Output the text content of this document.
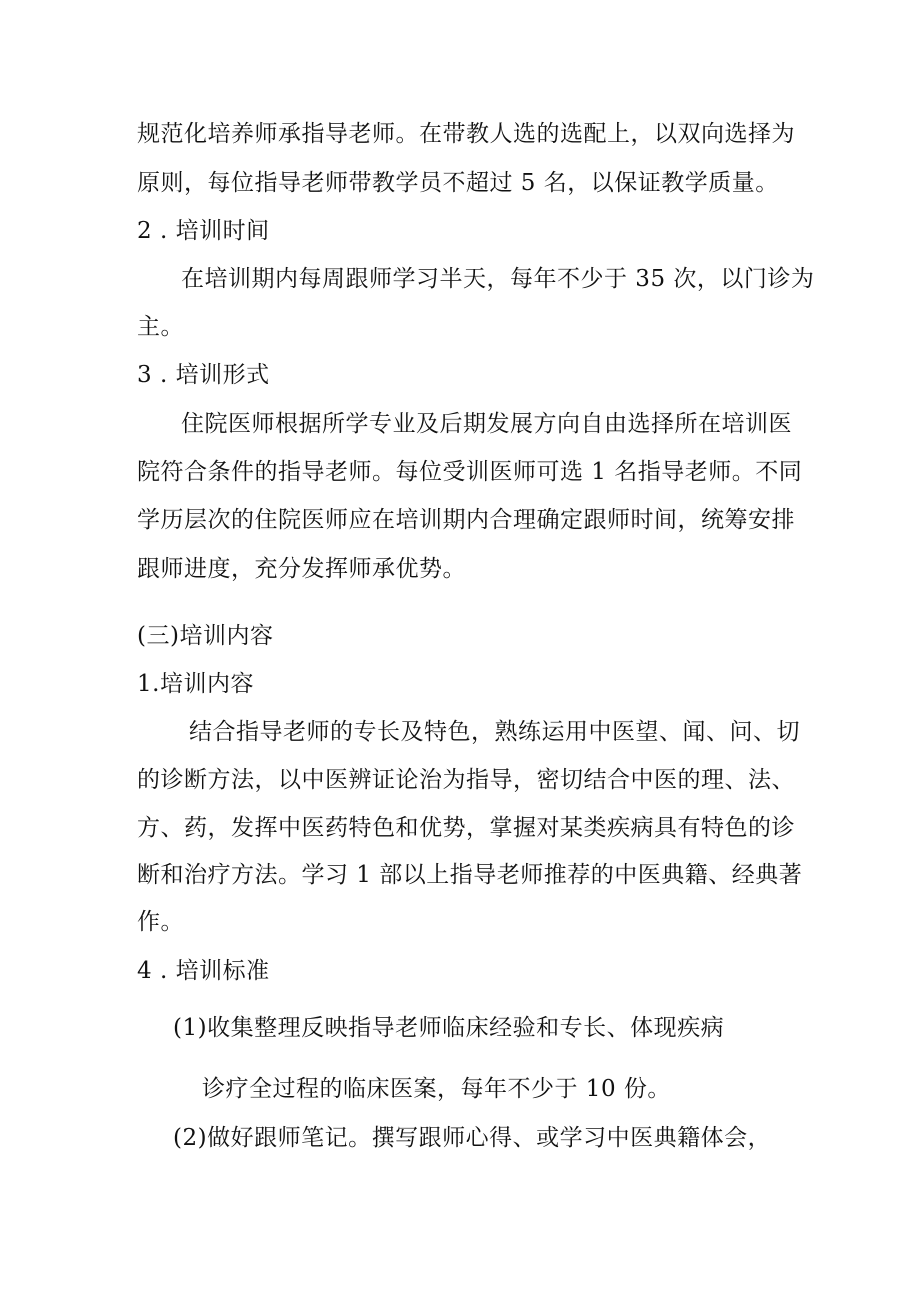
规范化培养师承指导老师。在带教人选的选配上，以双向选择为
原则，每位指导老师带教学员不超过 5 名，以保证教学质量。
2 . 培训时间
在培训期内每周跟师学习半天，每年不少于 35 次，以门诊为
主。
3 . 培训形式
住院医师根据所学专业及后期发展方向自由选择所在培训医
院符合条件的指导老师。每位受训医师可选 1 名指导老师。不同
学历层次的住院医师应在培训期内合理确定跟师时间，统筹安排
跟师进度，充分发挥师承优势。
(三)培训内容
1.培训内容
结合指导老师的专长及特色，熟练运用中医望、闻、问、切
的诊断方法，以中医辨证论治为指导，密切结合中医的理、法、
方、药，发挥中医药特色和优势，掌握对某类疾病具有特色的诊
断和治疗方法。学习 1 部以上指导老师推荐的中医典籍、经典著
作。
4 . 培训标准
(1)收集整理反映指导老师临床经验和专长、体现疾病
诊疗全过程的临床医案，每年不少于 10 份。
(2)做好跟师笔记。撰写跟师心得、或学习中医典籍体会，
